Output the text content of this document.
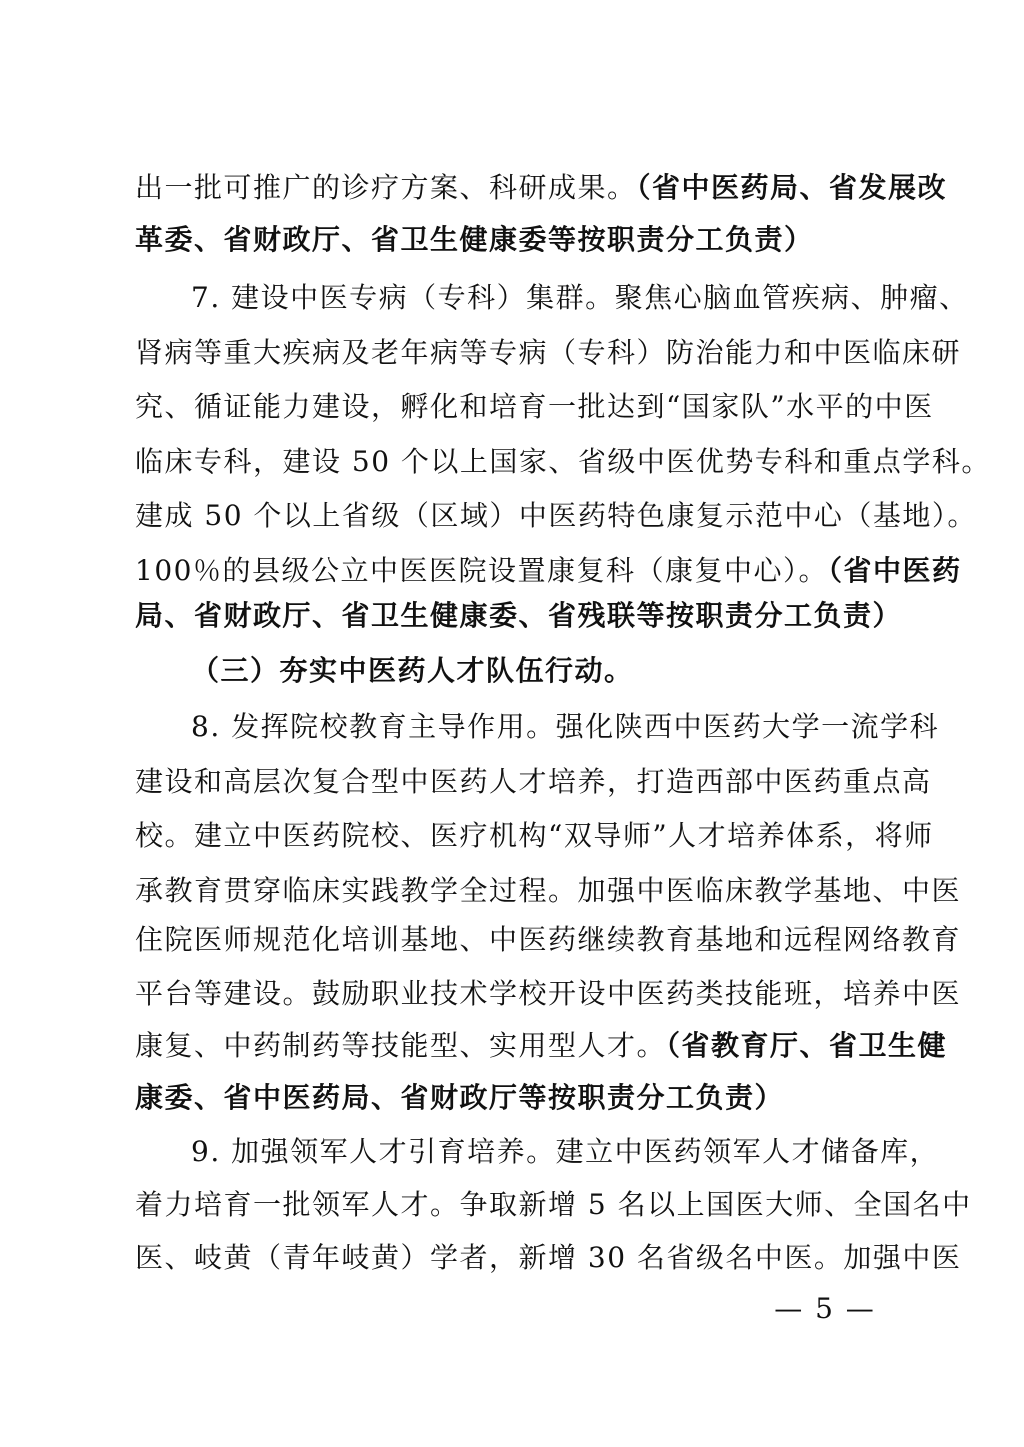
出一批可推广的诊疗方案、科研成果。（省中医药局、省发展改
革委、省财政厅、省卫生健康委等按职责分工负责）
7. 建设中医专病（专科）集群。聚焦心脑血管疾病、肿瘤、
肾病等重大疾病及老年病等专病（专科）防治能力和中医临床研
究、循证能力建设，孵化和培育一批达到“国家队”水平的中医
临床专科，建设 50 个以上国家、省级中医优势专科和重点学科。
建成 50 个以上省级（区域）中医药特色康复示范中心（基地）。
100％的县级公立中医医院设置康复科（康复中心）。（省中医药
局、省财政厅、省卫生健康委、省残联等按职责分工负责）
（三）夯实中医药人才队伍行动。
8. 发挥院校教育主导作用。强化陕西中医药大学一流学科
建设和高层次复合型中医药人才培养，打造西部中医药重点高
校。建立中医药院校、医疗机构“双导师”人才培养体系，将师
承教育贯穿临床实践教学全过程。加强中医临床教学基地、中医
住院医师规范化培训基地、中医药继续教育基地和远程网络教育
平台等建设。鼓励职业技术学校开设中医药类技能班，培养中医
康复、中药制药等技能型、实用型人才。（省教育厅、省卫生健
康委、省中医药局、省财政厅等按职责分工负责）
9. 加强领军人才引育培养。建立中医药领军人才储备库，
着力培育一批领军人才。争取新增 5 名以上国医大师、全国名中
医、岐黄（青年岐黄）学者，新增 30 名省级名中医。加强中医
— 5 —
